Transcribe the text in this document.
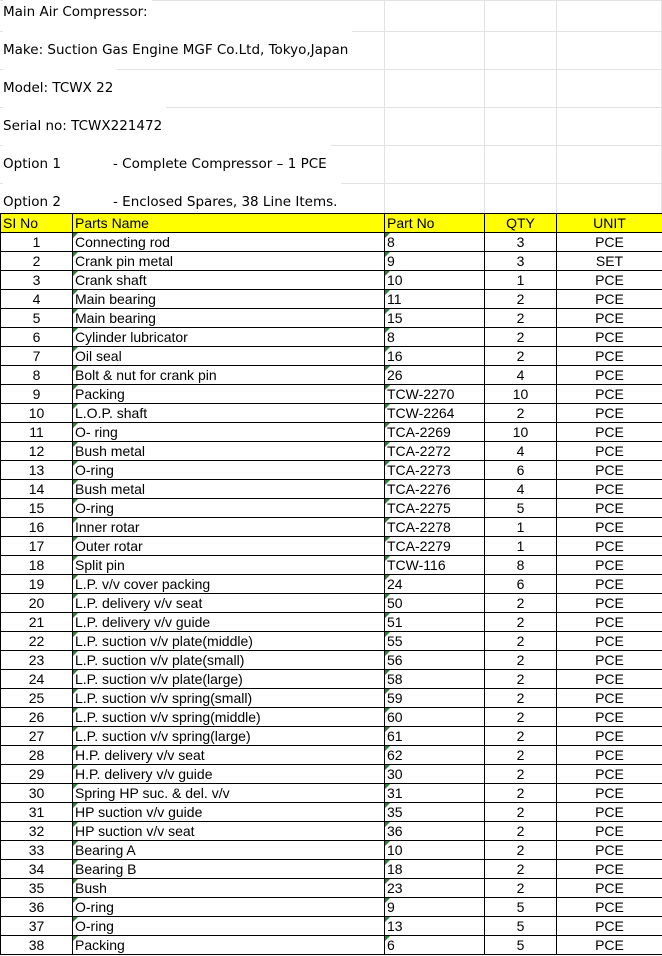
Main Air Compressor:
Make: Suction Gas Engine MGF Co.Ltd, Tokyo,Japan
Model: TCWX 22
Serial no: TCWX221472
Option 1	- Complete Compressor – 1 PCE
Option 2	- Enclosed Spares, 38 Line Items.
SI No	Parts Name	Part No	QTY	UNIT
1	Connecting rod	8	3	PCE
2	Crank pin metal	9	3	SET
3	Crank shaft	10	1	PCE
4	Main bearing	11	2	PCE
5	Main bearing	15	2	PCE
6	Cylinder lubricator	8	2	PCE
7	Oil seal	16	2	PCE
8	Bolt & nut for crank pin	26	4	PCE
9	Packing	TCW-2270	10	PCE
10	L.O.P. shaft	TCW-2264	2	PCE
11	O- ring	TCA-2269	10	PCE
12	Bush metal	TCA-2272	4	PCE
13	O-ring	TCA-2273	6	PCE
14	Bush metal	TCA-2276	4	PCE
15	O-ring	TCA-2275	5	PCE
16	Inner rotar	TCA-2278	1	PCE
17	Outer rotar	TCA-2279	1	PCE
18	Split pin	TCW-116	8	PCE
19	L.P. v/v cover packing	24	6	PCE
20	L.P. delivery v/v seat	50	2	PCE
21	L.P. delivery v/v guide	51	2	PCE
22	L.P. suction v/v plate(middle)	55	2	PCE
23	L.P. suction v/v plate(small)	56	2	PCE
24	L.P. suction v/v plate(large)	58	2	PCE
25	L.P. suction v/v spring(small)	59	2	PCE
26	L.P. suction v/v spring(middle)	60	2	PCE
27	L.P. suction v/v spring(large)	61	2	PCE
28	H.P. delivery v/v seat	62	2	PCE
29	H.P. delivery v/v guide	30	2	PCE
30	Spring HP suc. & del. v/v	31	2	PCE
31	HP suction v/v guide	35	2	PCE
32	HP suction v/v seat	36	2	PCE
33	Bearing A	10	2	PCE
34	Bearing B	18	2	PCE
35	Bush	23	2	PCE
36	O-ring	9	5	PCE
37	O-ring	13	5	PCE
38	Packing	6	5	PCE
